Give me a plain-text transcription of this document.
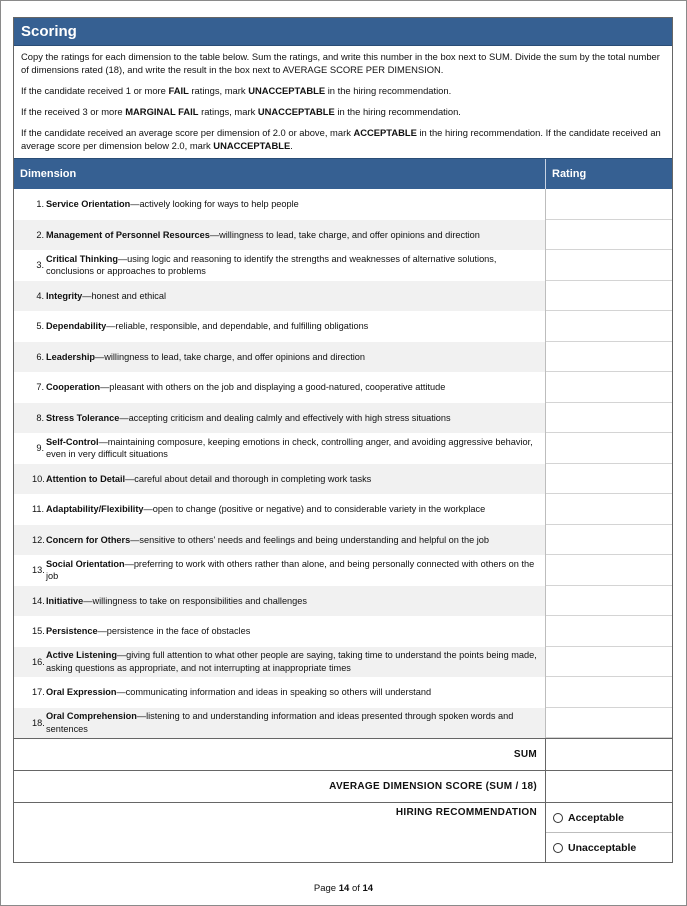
Scoring

Copy the ratings for each dimension to the table below. Sum the ratings, and write this number in the box next to SUM. Divide the sum by the total number of dimensions rated (18), and write the result in the box next to AVERAGE SCORE PER DIMENSION.

If the candidate received 1 or more FAIL ratings, mark UNACCEPTABLE in the hiring recommendation.

If the received 3 or more MARGINAL FAIL ratings, mark UNACCEPTABLE in the hiring recommendation.

If the candidate received an average score per dimension of 2.0 or above, mark ACCEPTABLE in the hiring recommendation. If the candidate received an average score per dimension below 2.0, mark UNACCEPTABLE.

Dimension	Rating
1. Service Orientation—actively looking for ways to help people
2. Management of Personnel Resources—willingness to lead, take charge, and offer opinions and direction
3.
Critical Thinking—using logic and reasoning to identify the strengths and weaknesses of alternative solutions, conclusions or approaches to problems
4. Integrity—honest and ethical
5. Dependability—reliable, responsible, and dependable, and fulfilling obligations
6. Leadership—willingness to lead, take charge, and offer opinions and direction
7. Cooperation—pleasant with others on the job and displaying a good-natured, cooperative attitude
8. Stress Tolerance—accepting criticism and dealing calmly and effectively with high stress situations
9.
Self-Control—maintaining composure, keeping emotions in check, controlling anger, and avoiding aggressive behavior, even in very difficult situations
10. Attention to Detail—careful about detail and thorough in completing work tasks
11. Adaptability/Flexibility—open to change (positive or negative) and to considerable variety in the workplace
12. Concern for Others—sensitive to others' needs and feelings and being understanding and helpful on the job
13.
Social Orientation—preferring to work with others rather than alone, and being personally connected with others on the job
14. Initiative—willingness to take on responsibilities and challenges
15. Persistence—persistence in the face of obstacles
16.
Active Listening—giving full attention to what other people are saying, taking time to understand the points being made, asking questions as appropriate, and not interrupting at inappropriate times
17. Oral Expression—communicating information and ideas in speaking so others will understand
18.
Oral Comprehension—listening to and understanding information and ideas presented through spoken words and sentences
SUM
AVERAGE DIMENSION SCORE (SUM / 18)
HIRING RECOMMENDATION	Acceptable
Unacceptable
Page 14 of 14
